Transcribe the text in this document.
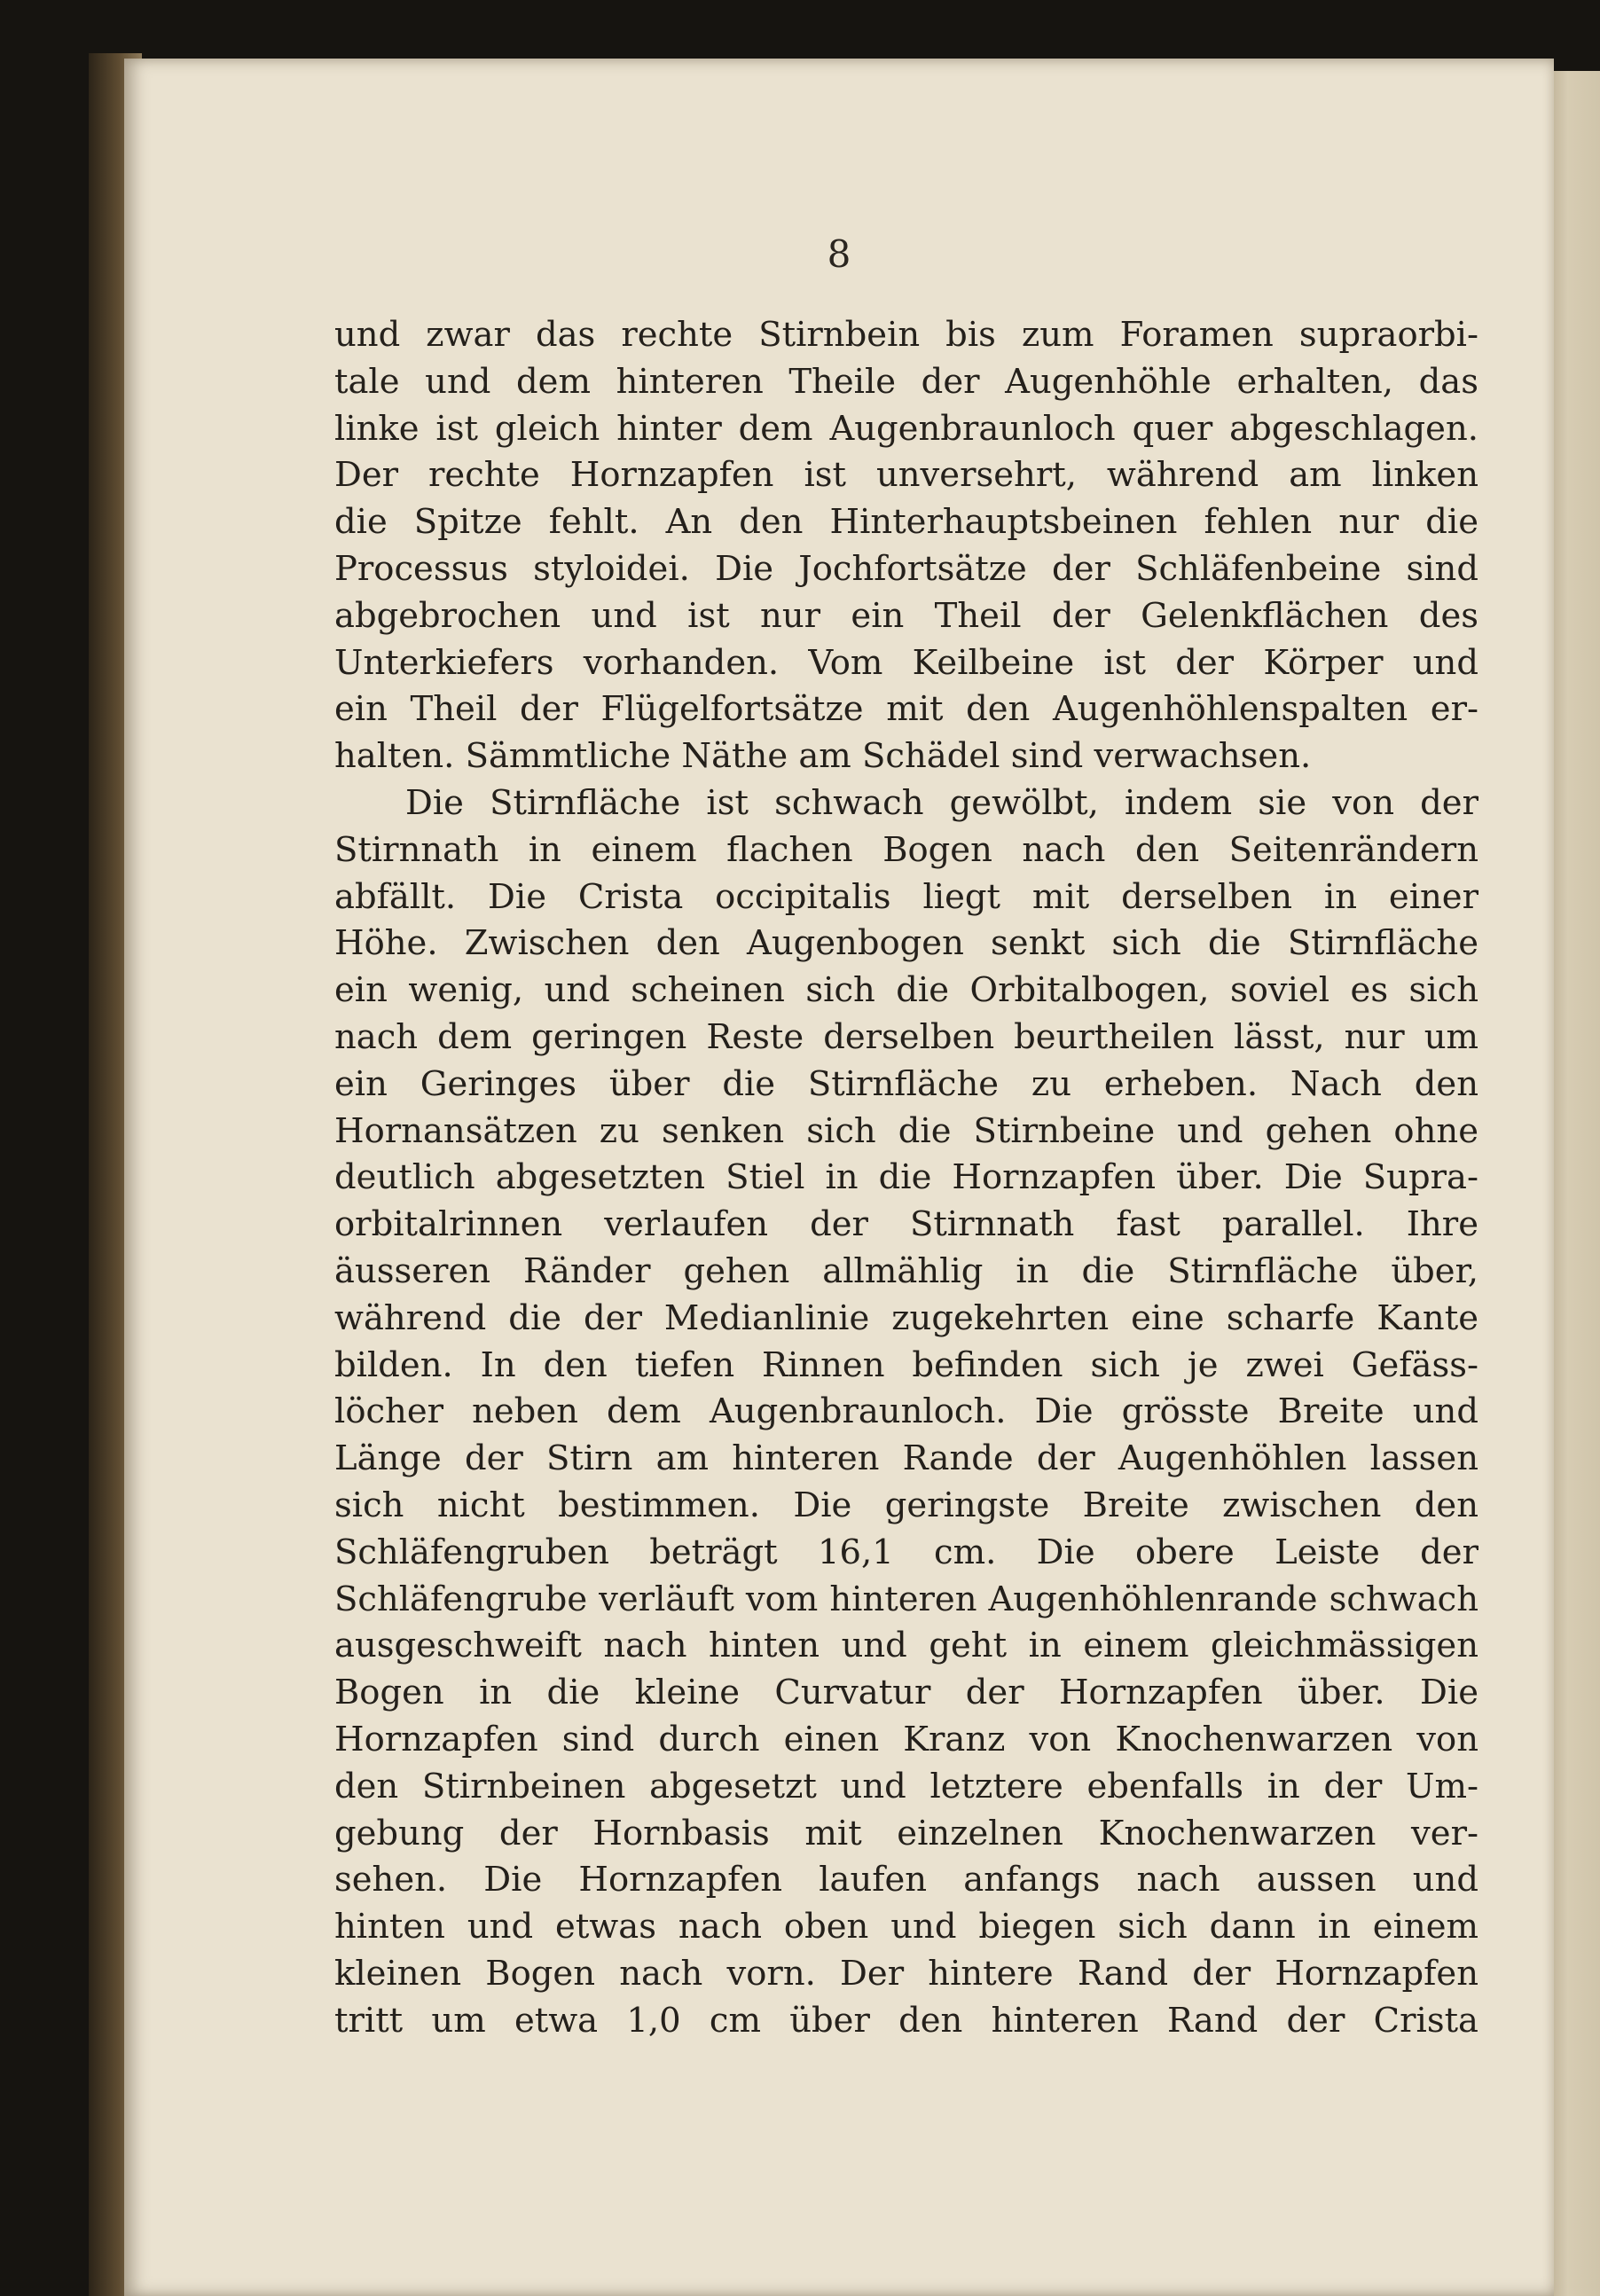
8
und zwar das rechte Stirnbein bis zum Foramen supraorbi-
tale und dem hinteren Theile der Augenhöhle erhalten, das
linke ist gleich hinter dem Augenbraunloch quer abgeschlagen.
Der rechte Hornzapfen ist unversehrt, während am linken
die Spitze fehlt. An den Hinterhauptsbeinen fehlen nur die
Processus styloidei. Die Jochfortsätze der Schläfenbeine sind
abgebrochen und ist nur ein Theil der Gelenkflächen des
Unterkiefers vorhanden. Vom Keilbeine ist der Körper und
ein Theil der Flügelfortsätze mit den Augenhöhlenspalten er-
halten. Sämmtliche Näthe am Schädel sind verwachsen.
Die Stirnfläche ist schwach gewölbt, indem sie von der
Stirnnath in einem flachen Bogen nach den Seitenrändern
abfällt. Die Crista occipitalis liegt mit derselben in einer
Höhe. Zwischen den Augenbogen senkt sich die Stirnfläche
ein wenig, und scheinen sich die Orbitalbogen, soviel es sich
nach dem geringen Reste derselben beurtheilen lässt, nur um
ein Geringes über die Stirnfläche zu erheben. Nach den
Hornansätzen zu senken sich die Stirnbeine und gehen ohne
deutlich abgesetzten Stiel in die Hornzapfen über. Die Supra-
orbitalrinnen verlaufen der Stirnnath fast parallel. Ihre
äusseren Ränder gehen allmählig in die Stirnfläche über,
während die der Medianlinie zugekehrten eine scharfe Kante
bilden. In den tiefen Rinnen befinden sich je zwei Gefäss-
löcher neben dem Augenbraunloch. Die grösste Breite und
Länge der Stirn am hinteren Rande der Augenhöhlen lassen
sich nicht bestimmen. Die geringste Breite zwischen den
Schläfengruben beträgt 16,1 cm. Die obere Leiste der
Schläfengrube verläuft vom hinteren Augenhöhlenrande schwach
ausgeschweift nach hinten und geht in einem gleichmässigen
Bogen in die kleine Curvatur der Hornzapfen über. Die
Hornzapfen sind durch einen Kranz von Knochenwarzen von
den Stirnbeinen abgesetzt und letztere ebenfalls in der Um-
gebung der Hornbasis mit einzelnen Knochenwarzen ver-
sehen. Die Hornzapfen laufen anfangs nach aussen und
hinten und etwas nach oben und biegen sich dann in einem
kleinen Bogen nach vorn. Der hintere Rand der Hornzapfen
tritt um etwa 1,0 cm über den hinteren Rand der Crista
